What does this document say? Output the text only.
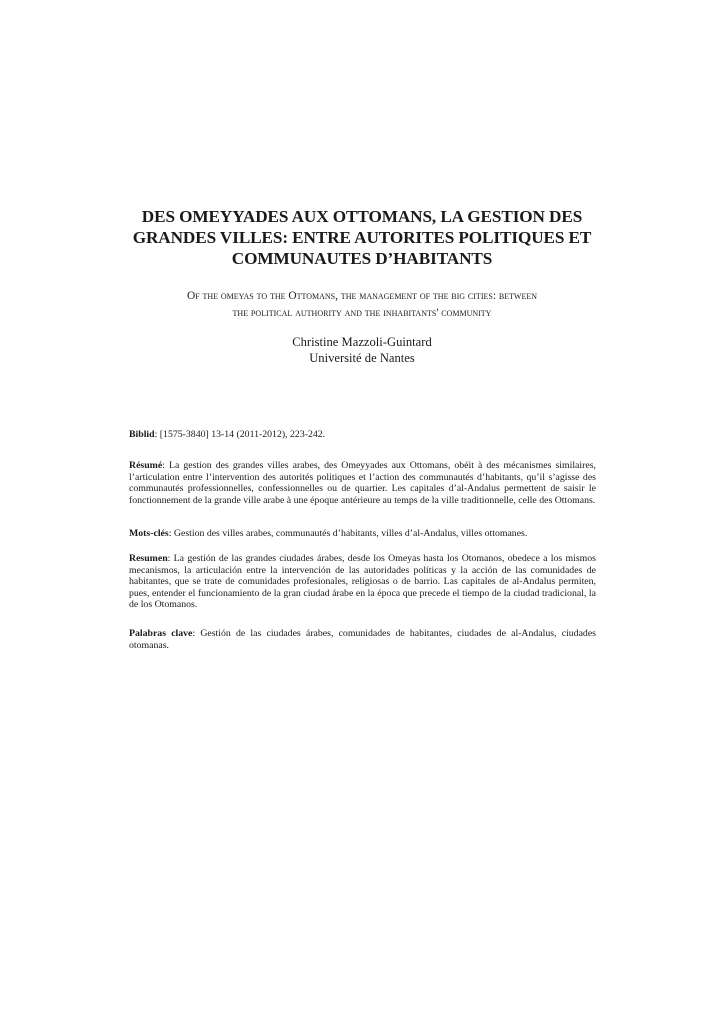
DES OMEYYADES AUX OTTOMANS, LA GESTION DES
GRANDES VILLES: ENTRE AUTORITES POLITIQUES ET
COMMUNAUTES D’HABITANTS

Of the omeyas to the Ottomans, the management of the big cities: between
the political authority and the inhabitants' community

Christine Mazzoli-Guintard
Université de Nantes

Biblid: [1575-3840] 13-14 (2011-2012), 223-242.

Résumé: La gestion des grandes villes arabes, des Omeyyades aux Ottomans, obéit à des mécanismes similaires, l’articulation entre l’intervention des autorités politiques et l’action des communautés d’habitants, qu’il s’agisse des communautés professionnelles, confessionnelles ou de quartier. Les capitales d’al-Andalus permettent de saisir le fonctionnement de la grande ville arabe à une époque antérieure au temps de la ville traditionnelle, celle des Ottomans.

Mots-clés: Gestion des villes arabes, communautés d’habitants, villes d’al-Andalus, villes ottomanes.

Resumen: La gestión de las grandes ciudades árabes, desde los Omeyas hasta los Otomanos, obedece a los mismos mecanismos, la articulación entre la intervención de las autoridades políticas y la acción de las comunidades de habitantes, que se trate de comunidades profesionales, religiosas o de barrio. Las capitales de al-Andalus permiten, pues, entender el funcionamiento de la gran ciudad árabe en la época que precede el tiempo de la ciudad tradicional, la de los Otomanos.

Palabras clave: Gestión de las ciudades árabes, comunidades de habitantes, ciudades de al-Andalus, ciudades otomanas.
